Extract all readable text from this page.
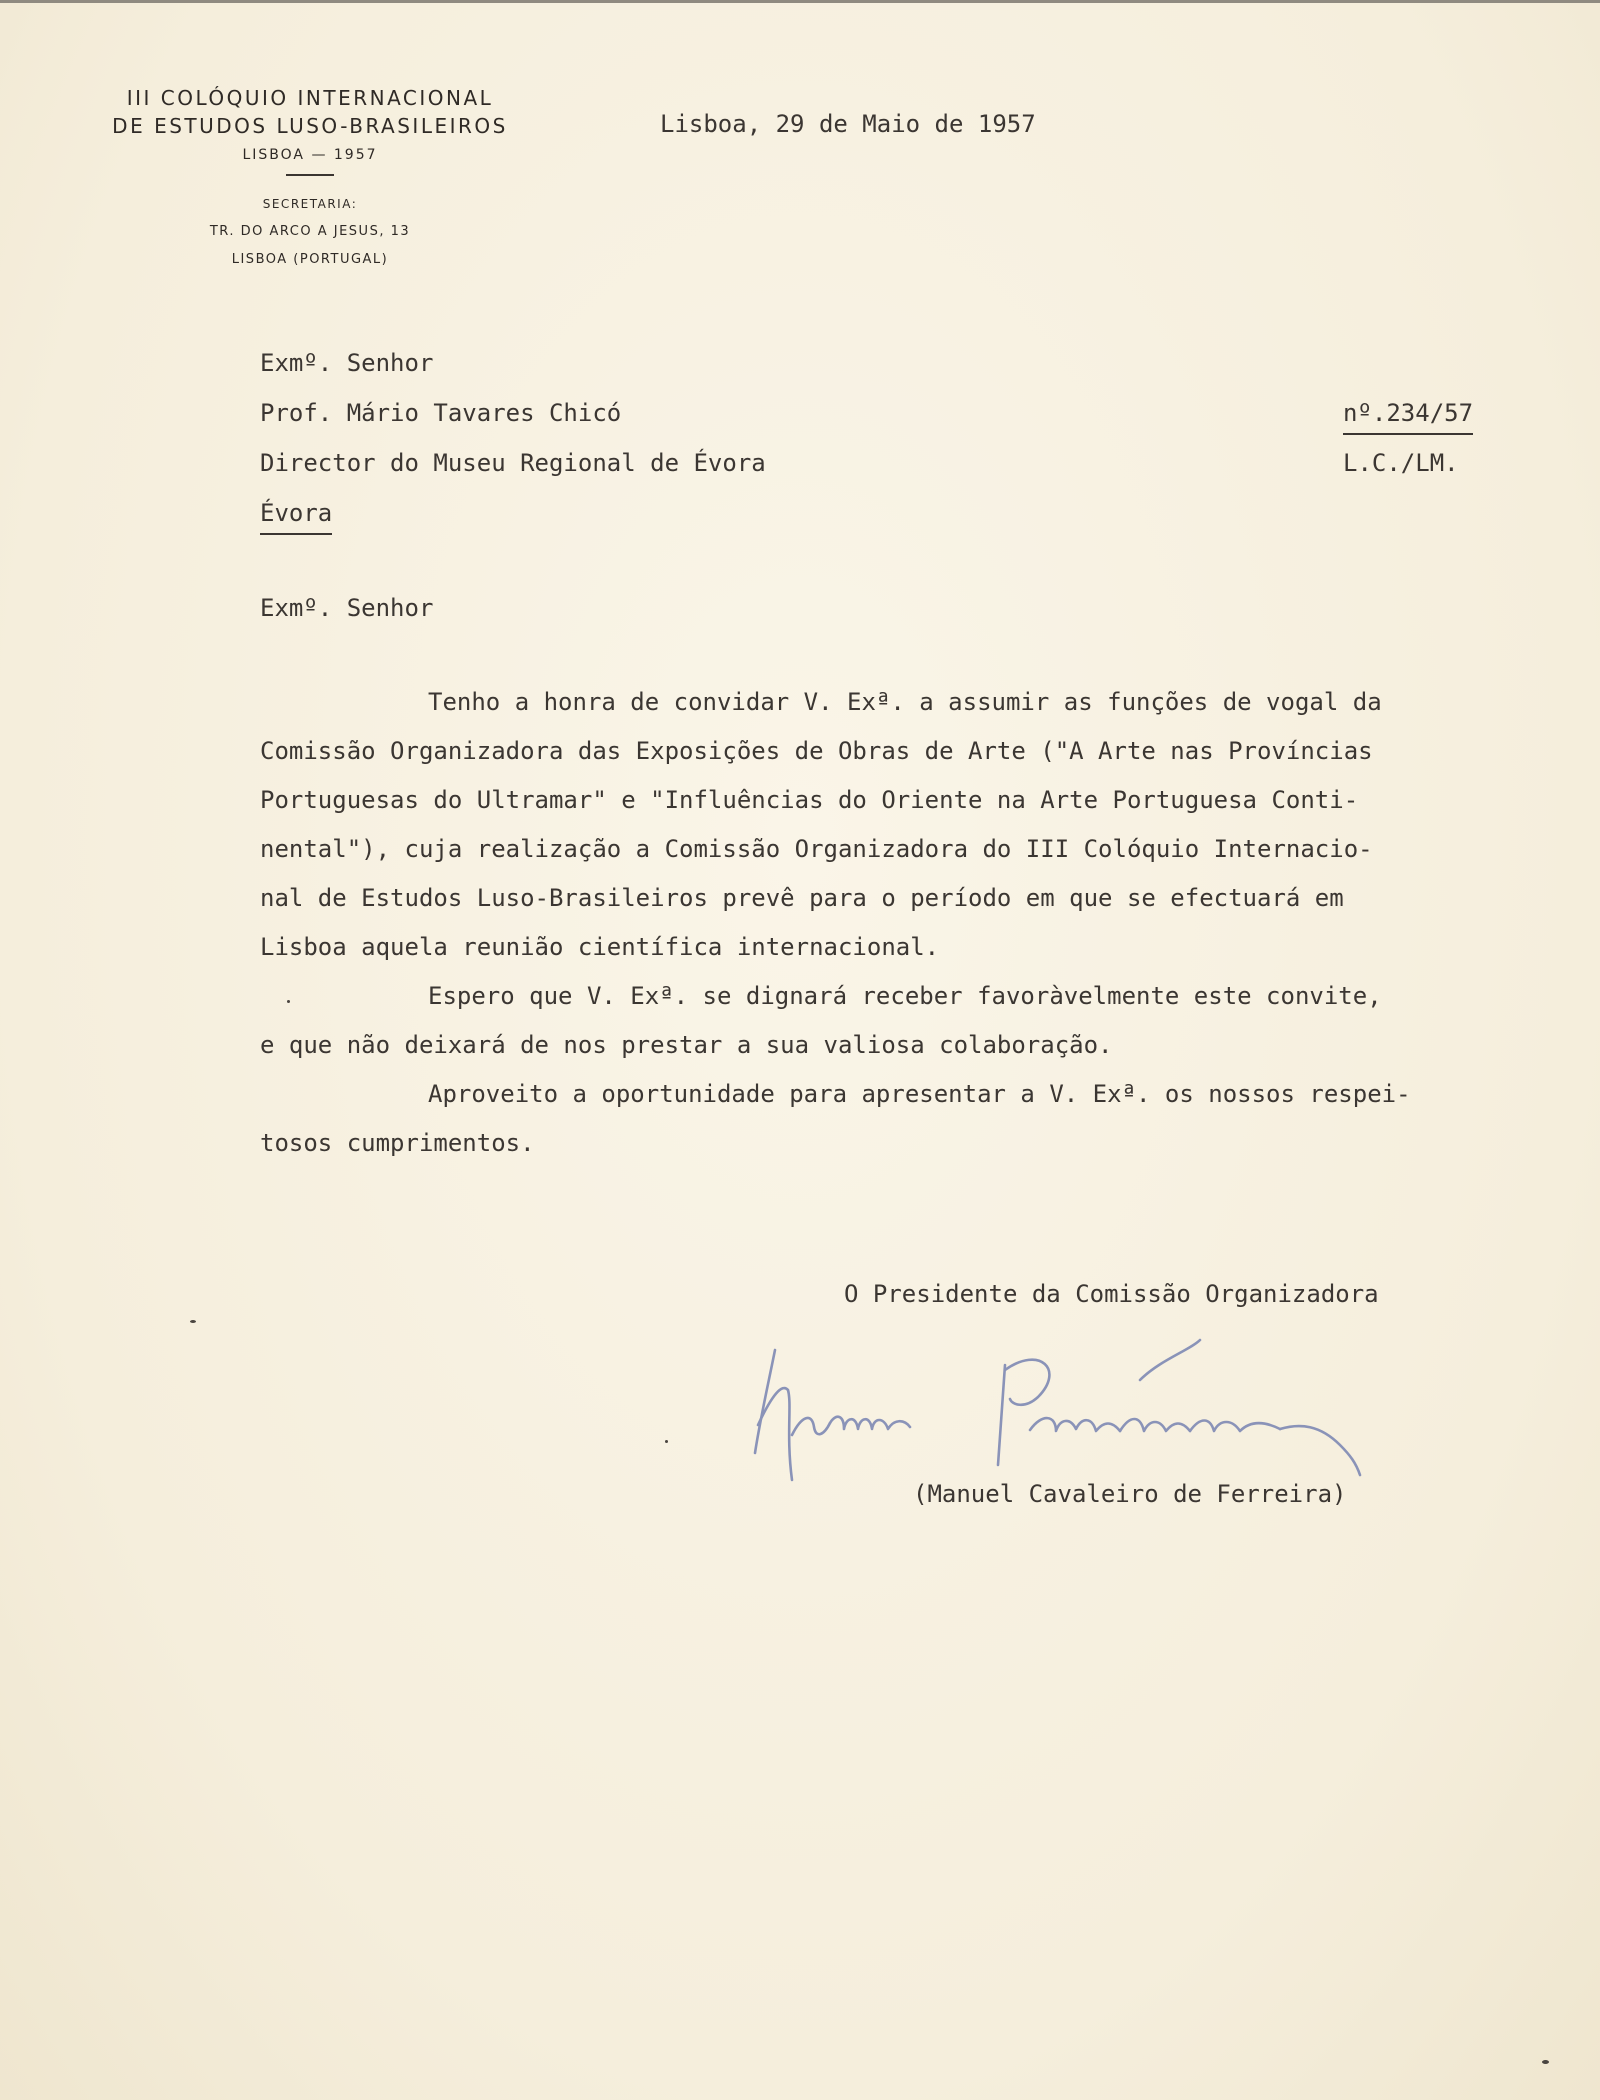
III COLÓQUIO INTERNACIONAL
DE ESTUDOS LUSO-BRASILEIROS
LISBOA — 1957
SECRETARIA:
TR. DO ARCO A JESUS, 13
LISBOA (PORTUGAL)
Lisboa, 29 de Maio de 1957
Exmº. Senhor
Prof. Mário Tavares Chicó
Director do Museu Regional de Évora
Évora
nº.234/57
L.C./LM.
Exmº. Senhor
Tenho a honra de convidar V. Exª. a assumir as funções de vogal da
Comissão Organizadora das Exposições de Obras de Arte ("A Arte nas Províncias
Portuguesas do Ultramar" e "Influências do Oriente na Arte Portuguesa Conti-
nental"), cuja realização a Comissão Organizadora do III Colóquio Internacio-
nal de Estudos Luso-Brasileiros prevê para o período em que se efectuará em
Lisboa aquela reunião científica internacional.
Espero que V. Exª. se dignará receber favoràvelmente este convite,
e que não deixará de nos prestar a sua valiosa colaboração.
Aproveito a oportunidade para apresentar a V. Exª. os nossos respei-
tosos cumprimentos.
O Presidente da Comissão Organizadora
(Manuel Cavaleiro de Ferreira)
